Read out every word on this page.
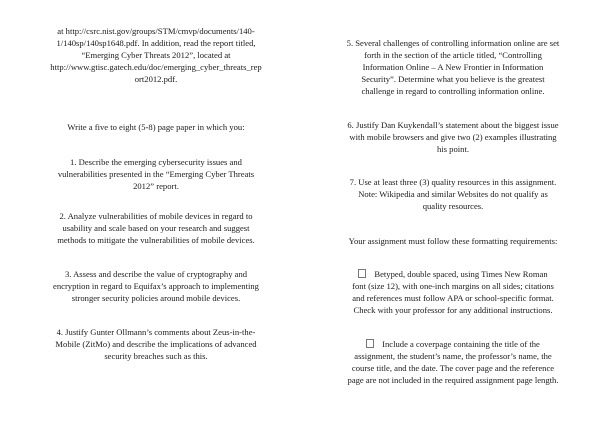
at http://csrc.nist.gov/groups/STM/cmvp/documents/140-
1/140sp/140sp1648.pdf. In addition, read the report titled,
“Emerging Cyber Threats 2012”, located at
http://www.gtisc.gatech.edu/doc/emerging_cyber_threats_rep
ort2012.pdf.

Write a five to eight (5-8) page paper in which you:

1. Describe the emerging cybersecurity issues and
vulnerabilities presented in the “Emerging Cyber Threats
2012” report.

2. Analyze vulnerabilities of mobile devices in regard to
usability and scale based on your research and suggest
methods to mitigate the vulnerabilities of mobile devices.

3. Assess and describe the value of cryptography and
encryption in regard to Equifax’s approach to implementing
stronger security policies around mobile devices.

4. Justify Gunter Ollmann’s comments about Zeus-in-the-
Mobile (ZitMo) and describe the implications of advanced
security breaches such as this.

5. Several challenges of controlling information online are set
forth in the section of the article titled, “Controlling
Information Online – A New Frontier in Information
Security”. Determine what you believe is the greatest
challenge in regard to controlling information online.

6. Justify Dan Kuykendall’s statement about the biggest issue
with mobile browsers and give two (2) examples illustrating
his point.

7. Use at least three (3) quality resources in this assignment.
Note: Wikipedia and similar Websites do not qualify as
quality resources.

Your assignment must follow these formatting requirements:

Betyped, double spaced, using Times New Roman
font (size 12), with one-inch margins on all sides; citations
and references must follow APA or school-specific format.
Check with your professor for any additional instructions.

Include a coverpage containing the title of the
assignment, the student’s name, the professor’s name, the
course title, and the date. The cover page and the reference
page are not included in the required assignment page length.
